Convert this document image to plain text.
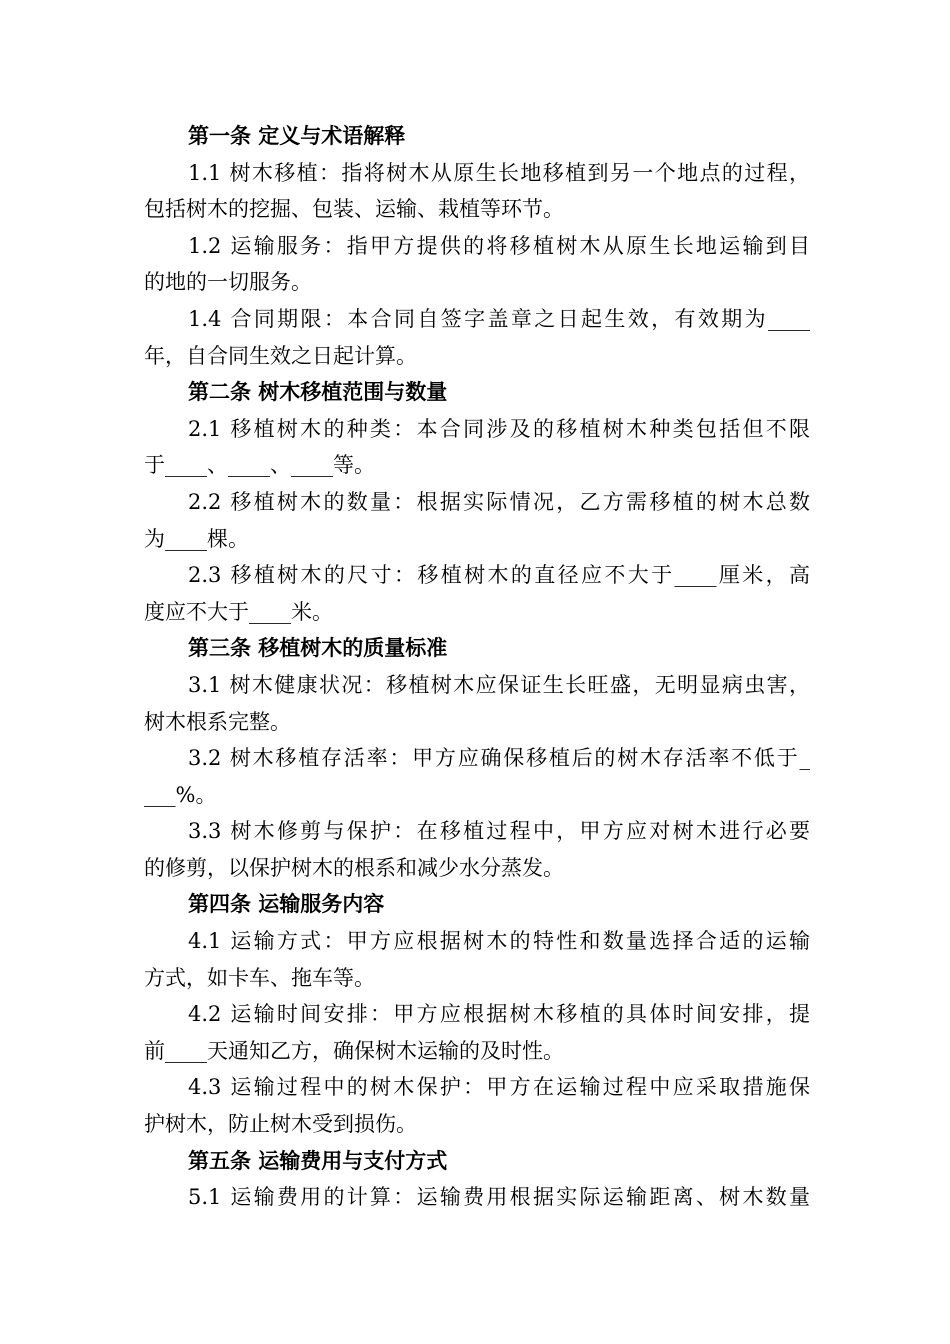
第一条 定义与术语解释
1.1 树木移植：指将树木从原生长地移植到另一个地点的过程，
包括树木的挖掘、包装、运输、栽植等环节。
1.2 运输服务：指甲方提供的将移植树木从原生长地运输到目
的地的一切服务。
1.4 合同期限：本合同自签字盖章之日起生效，有效期为____
年，自合同生效之日起计算。
第二条 树木移植范围与数量
2.1 移植树木的种类：本合同涉及的移植树木种类包括但不限
于____、____、____等。
2.2 移植树木的数量：根据实际情况，乙方需移植的树木总数
为____棵。
2.3 移植树木的尺寸：移植树木的直径应不大于____厘米，高
度应不大于____米。
第三条 移植树木的质量标准
3.1 树木健康状况：移植树木应保证生长旺盛，无明显病虫害，
树木根系完整。
3.2 树木移植存活率：甲方应确保移植后的树木存活率不低于_
___%。
3.3 树木修剪与保护：在移植过程中，甲方应对树木进行必要
的修剪，以保护树木的根系和减少水分蒸发。
第四条 运输服务内容
4.1 运输方式：甲方应根据树木的特性和数量选择合适的运输
方式，如卡车、拖车等。
4.2 运输时间安排：甲方应根据树木移植的具体时间安排，提
前____天通知乙方，确保树木运输的及时性。
4.3 运输过程中的树木保护：甲方在运输过程中应采取措施保
护树木，防止树木受到损伤。
第五条 运输费用与支付方式
5.1 运输费用的计算：运输费用根据实际运输距离、树木数量
